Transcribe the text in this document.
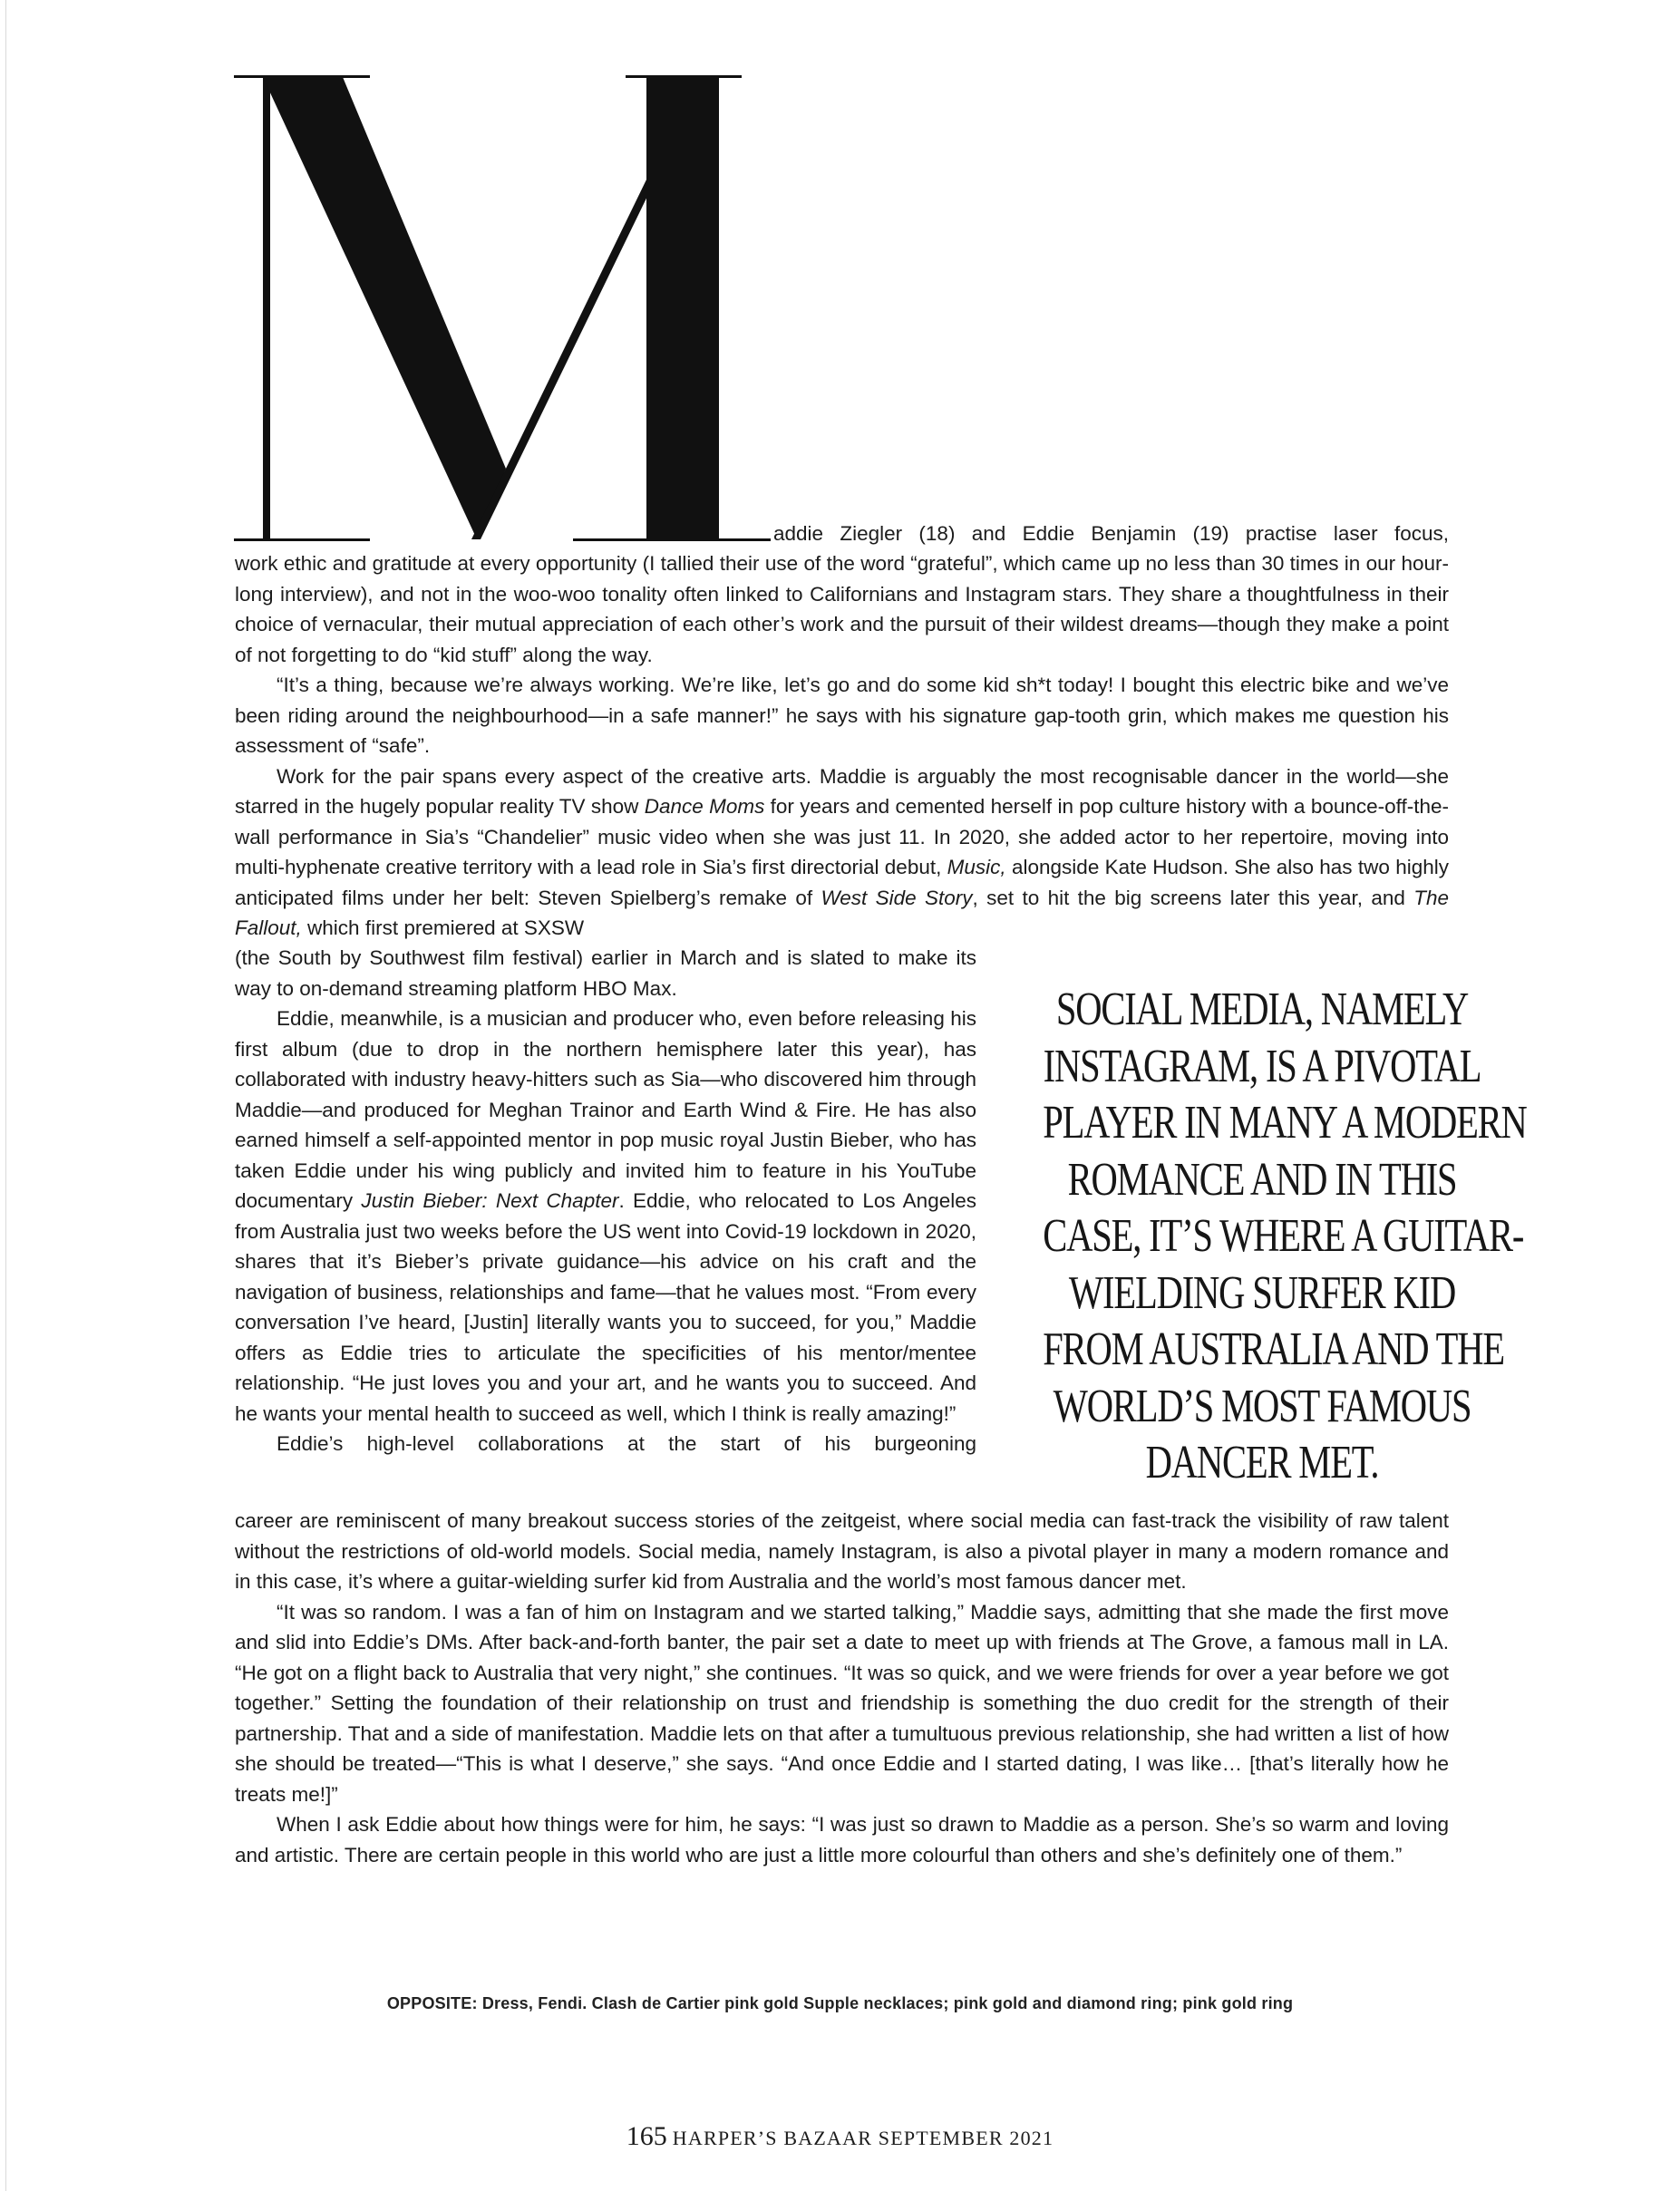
addie Ziegler (18) and Eddie Benjamin (19) practise laser focus,

work ethic and gratitude at every opportunity (I tallied their use of the word “grateful”, which came up no less than 30 times in our hour-long interview), and not in the woo-woo tonality often linked to Californians and Instagram stars. They share a thoughtfulness in their choice of vernacular, their mutual appreciation of each other’s work and the pursuit of their wildest dreams—though they make a point of not forgetting to do “kid stuff” along the way.

“It’s a thing, because we’re always working. We’re like, let’s go and do some kid sh*t today! I bought this electric bike and we’ve been riding around the neighbourhood—in a safe manner!” he says with his signature gap-tooth grin, which makes me question his assessment of “safe”.

Work for the pair spans every aspect of the creative arts. Maddie is arguably the most recognisable dancer in the world—she starred in the hugely popular reality TV show Dance Moms for years and cemented herself in pop culture history with a bounce-off-the-wall performance in Sia’s “Chandelier” music video when she was just 11. In 2020, she added actor to her repertoire, moving into multi-hyphenate creative territory with a lead role in Sia’s first directorial debut, Music, alongside Kate Hudson. She also has two highly anticipated films under her belt: Steven Spielberg’s remake of West Side Story, set to hit the big screens later this year, and The Fallout, which first premiered at SXSW

(the South by Southwest film festival) earlier in March and is slated to make its way to on-demand streaming platform HBO Max.

Eddie, meanwhile, is a musician and producer who, even before releasing his first album (due to drop in the northern hemisphere later this year), has collaborated with industry heavy-hitters such as Sia—who discovered him through Maddie—and produced for Meghan Trainor and Earth Wind & Fire. He has also earned himself a self-appointed mentor in pop music royal Justin Bieber, who has taken Eddie under his wing publicly and invited him to feature in his YouTube documentary Justin Bieber: Next Chapter. Eddie, who relocated to Los Angeles from Australia just two weeks before the US went into Covid-19 lockdown in 2020, shares that it’s Bieber’s private guidance—his advice on his craft and the navigation of business, relationships and fame—that he values most. “From every conversation I’ve heard, [Justin] literally wants you to succeed, for you,” Maddie offers as Eddie tries to articulate the specificities of his mentor/mentee relationship. “He just loves you and your art, and he wants you to succeed. And he wants your mental health to succeed as well, which I think is really amazing!”

Eddie’s high-level collaborations at the start of his burgeoning

career are reminiscent of many breakout success stories of the zeitgeist, where social media can fast-track the visibility of raw talent without the restrictions of old-world models. Social media, namely Instagram, is also a pivotal player in many a modern romance and in this case, it’s where a guitar-wielding surfer kid from Australia and the world’s most famous dancer met.

“It was so random. I was a fan of him on Instagram and we started talking,” Maddie says, admitting that she made the first move and slid into Eddie’s DMs. After back-and-forth banter, the pair set a date to meet up with friends at The Grove, a famous mall in LA. “He got on a flight back to Australia that very night,” she continues. “It was so quick, and we were friends for over a year before we got together.” Setting the foundation of their relationship on trust and friendship is something the duo credit for the strength of their partnership. That and a side of manifestation. Maddie lets on that after a tumultuous previous relationship, she had written a list of how she should be treated—“This is what I deserve,” she says. “And once Eddie and I started dating, I was like… [that’s literally how he treats me!]”

When I ask Eddie about how things were for him, he says: “I was just so drawn to Maddie as a person. She’s so warm and loving and artistic. There are certain people in this world who are just a little more colourful than others and she’s definitely one of them.”

SOCIAL MEDIA, NAMELY
INSTAGRAM, IS A PIVOTAL
PLAYER IN MANY A MODERN
ROMANCE AND IN THIS
CASE, IT’S WHERE A GUITAR-
WIELDING SURFER KID
FROM AUSTRALIA AND THE
WORLD’S MOST FAMOUS
DANCER MET.
OPPOSITE: Dress, Fendi. Clash de Cartier pink gold Supple necklaces; pink gold and diamond ring; pink gold ring
165 HARPER’S BAZAAR SEPTEMBER 2021
